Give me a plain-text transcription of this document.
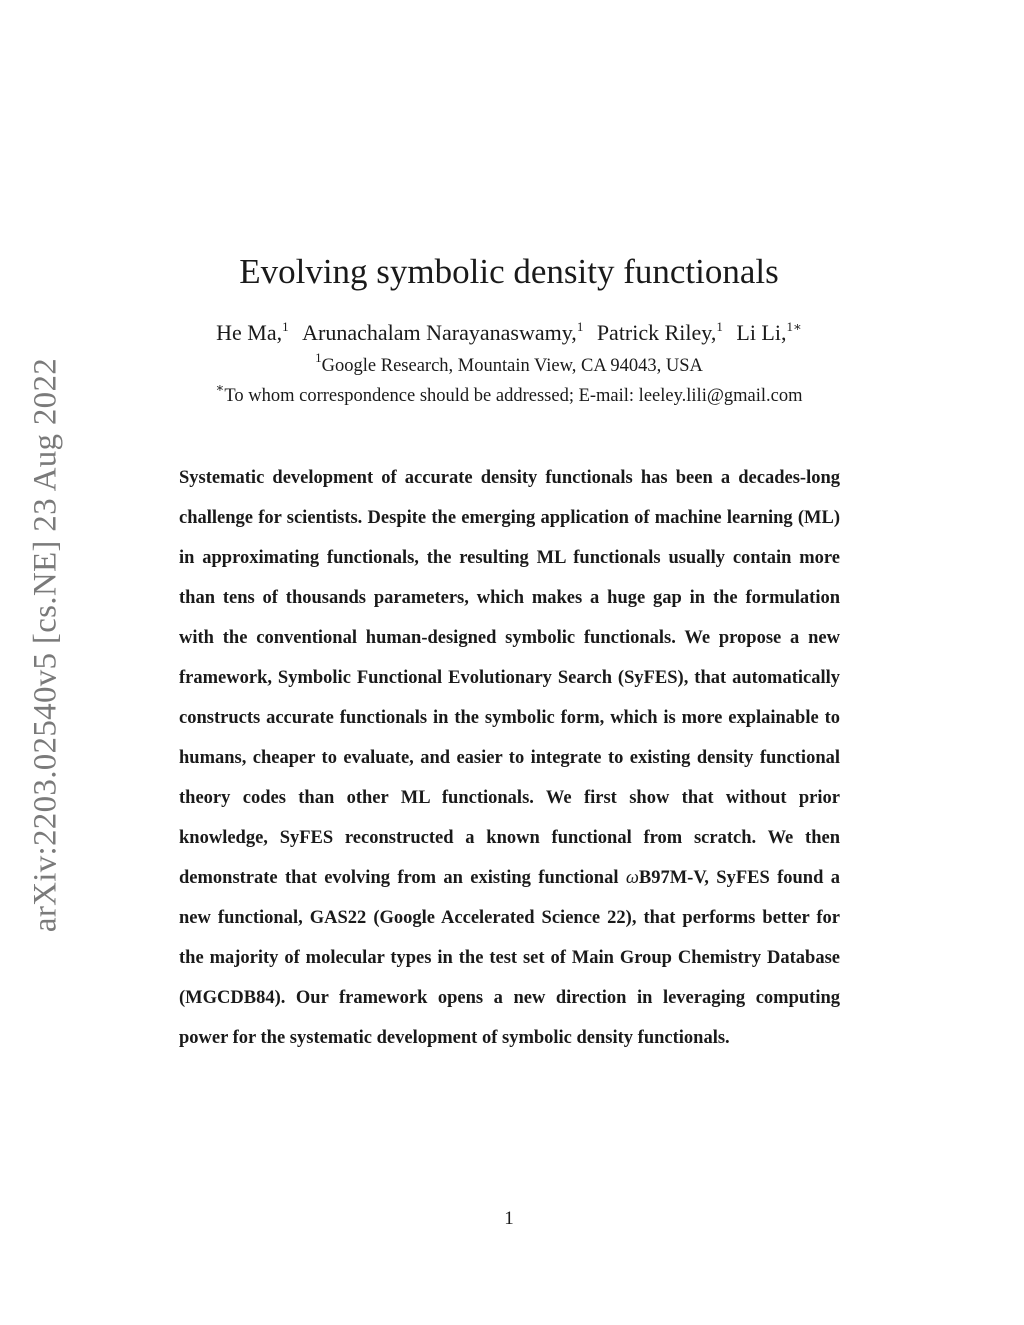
arXiv:2203.02540v5 [cs.NE] 23 Aug 2022
Evolving symbolic density functionals
He Ma,$^1$ Arunachalam Narayanaswamy,$^1$ Patrick Riley,$^1$ Li Li,$^{1∗}$
$^1$Google Research, Mountain View, CA 94043, USA
∗To whom correspondence should be addressed; E-mail: leeley.lili@gmail.com

Systematic development of accurate density functionals has been a decades-long challenge for scientists. Despite the emerging application of machine learning (ML) in approximating functionals, the resulting ML functionals usually contain more than tens of thousands parameters, which makes a huge gap in the formulation with the conventional human-designed symbolic functionals. We propose a new framework, Symbolic Functional Evolutionary Search (SyFES), that automatically constructs accurate functionals in the symbolic form, which is more explainable to humans, cheaper to evaluate, and easier to integrate to existing density functional theory codes than other ML functionals. We first show that without prior knowledge, SyFES reconstructed a known functional from scratch. We then demonstrate that evolving from an existing functional ωB97M-V, SyFES found a new functional, GAS22 (Google Accelerated Science 22), that performs better for the majority of molecular types in the test set of Main Group Chemistry Database (MGCDB84). Our framework opens a new direction in leveraging computing power for the systematic development of symbolic density functionals.

1
